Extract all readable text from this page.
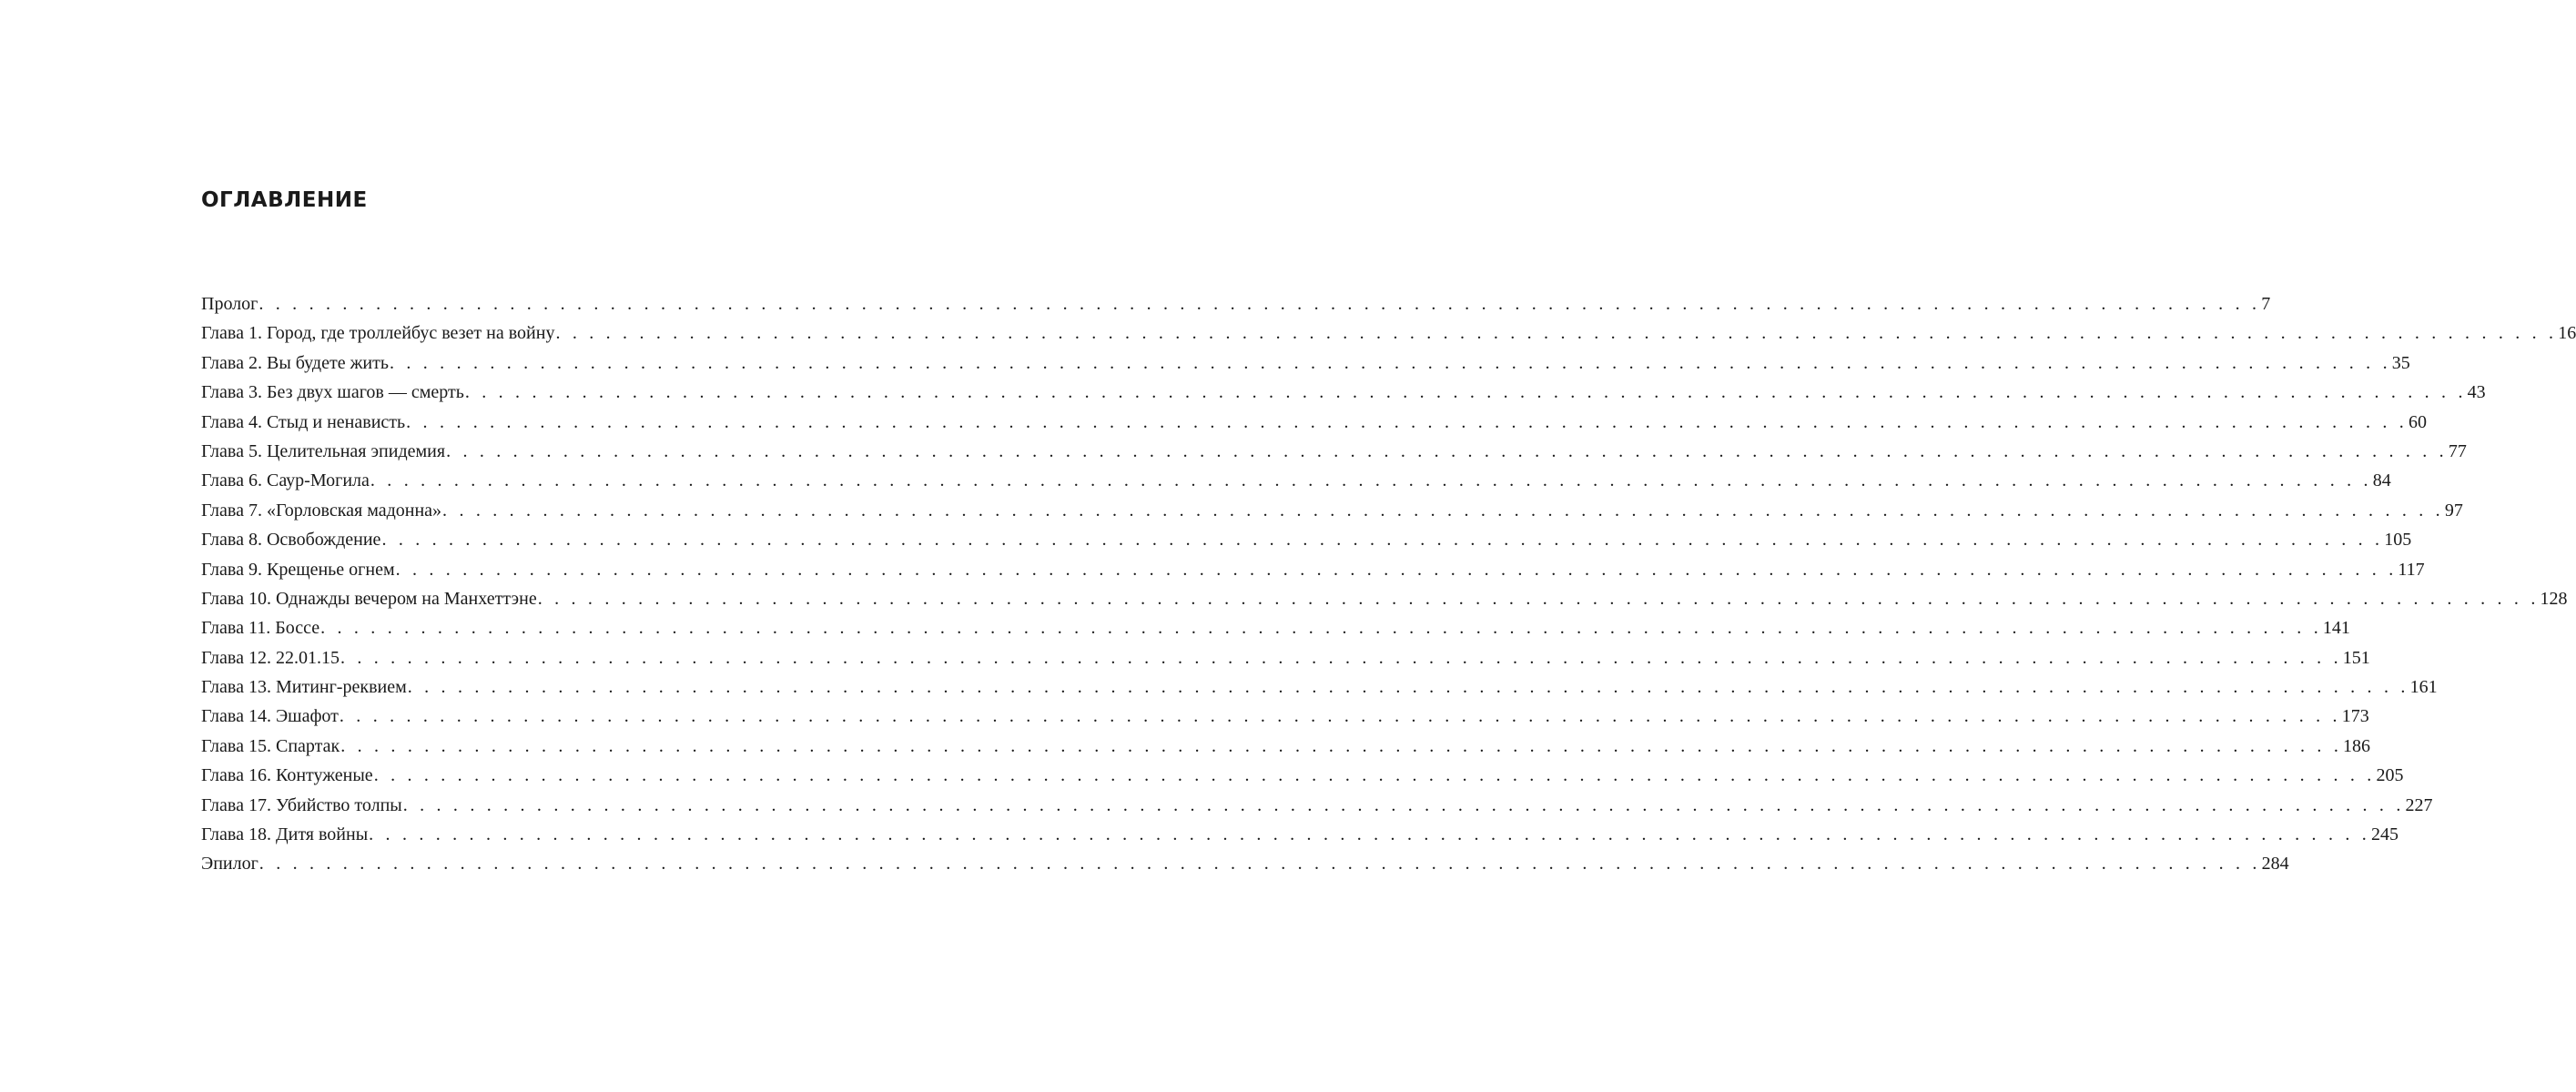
ОГЛАВЛЕНИЕ
Пролог . . . . . . . . . . . . . . . . . . . . . . . . . . . . . . . . . . . . . . . . . . . . . . . . . . . . . . . . . . . . . . . . . . . . . . . . . . . . . . . . . . . . . . . . . . . . . . . . . . . . . . . . . . . . . . . . . . . . . . . . 7
Глава 1. Город, где троллейбус везет на войну . . . . . . . . . . . . . . . . . . . . . . . . . . . . . . . . . . . . . . . . . . . . . . . . . . . . . . . . . . . . . . . . . . . . . . . . . . . . . . . . . . . . . . . . . . . . . . . . . . . . . . . . . . . . . . . . . . . . . . . . 16
Глава 2. Вы будете жить . . . . . . . . . . . . . . . . . . . . . . . . . . . . . . . . . . . . . . . . . . . . . . . . . . . . . . . . . . . . . . . . . . . . . . . . . . . . . . . . . . . . . . . . . . . . . . . . . . . . . . . . . . . . . . . . . . . . . . . . 35
Глава 3. Без двух шагов — смерть . . . . . . . . . . . . . . . . . . . . . . . . . . . . . . . . . . . . . . . . . . . . . . . . . . . . . . . . . . . . . . . . . . . . . . . . . . . . . . . . . . . . . . . . . . . . . . . . . . . . . . . . . . . . . . . . . . . . . . . . 43
Глава 4. Стыд и ненависть . . . . . . . . . . . . . . . . . . . . . . . . . . . . . . . . . . . . . . . . . . . . . . . . . . . . . . . . . . . . . . . . . . . . . . . . . . . . . . . . . . . . . . . . . . . . . . . . . . . . . . . . . . . . . . . . . . . . . . . . 60
Глава 5. Целительная эпидемия . . . . . . . . . . . . . . . . . . . . . . . . . . . . . . . . . . . . . . . . . . . . . . . . . . . . . . . . . . . . . . . . . . . . . . . . . . . . . . . . . . . . . . . . . . . . . . . . . . . . . . . . . . . . . . . . . . . . . . . . 77
Глава 6. Саур-Могила . . . . . . . . . . . . . . . . . . . . . . . . . . . . . . . . . . . . . . . . . . . . . . . . . . . . . . . . . . . . . . . . . . . . . . . . . . . . . . . . . . . . . . . . . . . . . . . . . . . . . . . . . . . . . . . . . . . . . . . . 84
Глава 7. «Горловская мадонна» . . . . . . . . . . . . . . . . . . . . . . . . . . . . . . . . . . . . . . . . . . . . . . . . . . . . . . . . . . . . . . . . . . . . . . . . . . . . . . . . . . . . . . . . . . . . . . . . . . . . . . . . . . . . . . . . . . . . . . . . 97
Глава 8. Освобождение . . . . . . . . . . . . . . . . . . . . . . . . . . . . . . . . . . . . . . . . . . . . . . . . . . . . . . . . . . . . . . . . . . . . . . . . . . . . . . . . . . . . . . . . . . . . . . . . . . . . . . . . . . . . . . . . . . . . . . . . 105
Глава 9. Крещенье огнем . . . . . . . . . . . . . . . . . . . . . . . . . . . . . . . . . . . . . . . . . . . . . . . . . . . . . . . . . . . . . . . . . . . . . . . . . . . . . . . . . . . . . . . . . . . . . . . . . . . . . . . . . . . . . . . . . . . . . . . . 117
Глава 10. Однажды вечером на Манхеттэне . . . . . . . . . . . . . . . . . . . . . . . . . . . . . . . . . . . . . . . . . . . . . . . . . . . . . . . . . . . . . . . . . . . . . . . . . . . . . . . . . . . . . . . . . . . . . . . . . . . . . . . . . . . . . . . . . . . . . . . . 128
Глава 11. Боссе . . . . . . . . . . . . . . . . . . . . . . . . . . . . . . . . . . . . . . . . . . . . . . . . . . . . . . . . . . . . . . . . . . . . . . . . . . . . . . . . . . . . . . . . . . . . . . . . . . . . . . . . . . . . . . . . . . . . . . . . 141
Глава 12. 22.01.15 . . . . . . . . . . . . . . . . . . . . . . . . . . . . . . . . . . . . . . . . . . . . . . . . . . . . . . . . . . . . . . . . . . . . . . . . . . . . . . . . . . . . . . . . . . . . . . . . . . . . . . . . . . . . . . . . . . . . . . . . 151
Глава 13. Митинг-реквием . . . . . . . . . . . . . . . . . . . . . . . . . . . . . . . . . . . . . . . . . . . . . . . . . . . . . . . . . . . . . . . . . . . . . . . . . . . . . . . . . . . . . . . . . . . . . . . . . . . . . . . . . . . . . . . . . . . . . . . . 161
Глава 14. Эшафот . . . . . . . . . . . . . . . . . . . . . . . . . . . . . . . . . . . . . . . . . . . . . . . . . . . . . . . . . . . . . . . . . . . . . . . . . . . . . . . . . . . . . . . . . . . . . . . . . . . . . . . . . . . . . . . . . . . . . . . . 173
Глава 15. Спартак . . . . . . . . . . . . . . . . . . . . . . . . . . . . . . . . . . . . . . . . . . . . . . . . . . . . . . . . . . . . . . . . . . . . . . . . . . . . . . . . . . . . . . . . . . . . . . . . . . . . . . . . . . . . . . . . . . . . . . . . 186
Глава 16. Контуженые . . . . . . . . . . . . . . . . . . . . . . . . . . . . . . . . . . . . . . . . . . . . . . . . . . . . . . . . . . . . . . . . . . . . . . . . . . . . . . . . . . . . . . . . . . . . . . . . . . . . . . . . . . . . . . . . . . . . . . . . 205
Глава 17. Убийство толпы . . . . . . . . . . . . . . . . . . . . . . . . . . . . . . . . . . . . . . . . . . . . . . . . . . . . . . . . . . . . . . . . . . . . . . . . . . . . . . . . . . . . . . . . . . . . . . . . . . . . . . . . . . . . . . . . . . . . . . . . 227
Глава 18. Дитя войны . . . . . . . . . . . . . . . . . . . . . . . . . . . . . . . . . . . . . . . . . . . . . . . . . . . . . . . . . . . . . . . . . . . . . . . . . . . . . . . . . . . . . . . . . . . . . . . . . . . . . . . . . . . . . . . . . . . . . . . . 245
Эпилог . . . . . . . . . . . . . . . . . . . . . . . . . . . . . . . . . . . . . . . . . . . . . . . . . . . . . . . . . . . . . . . . . . . . . . . . . . . . . . . . . . . . . . . . . . . . . . . . . . . . . . . . . . . . . . . . . . . . . . . . 284
